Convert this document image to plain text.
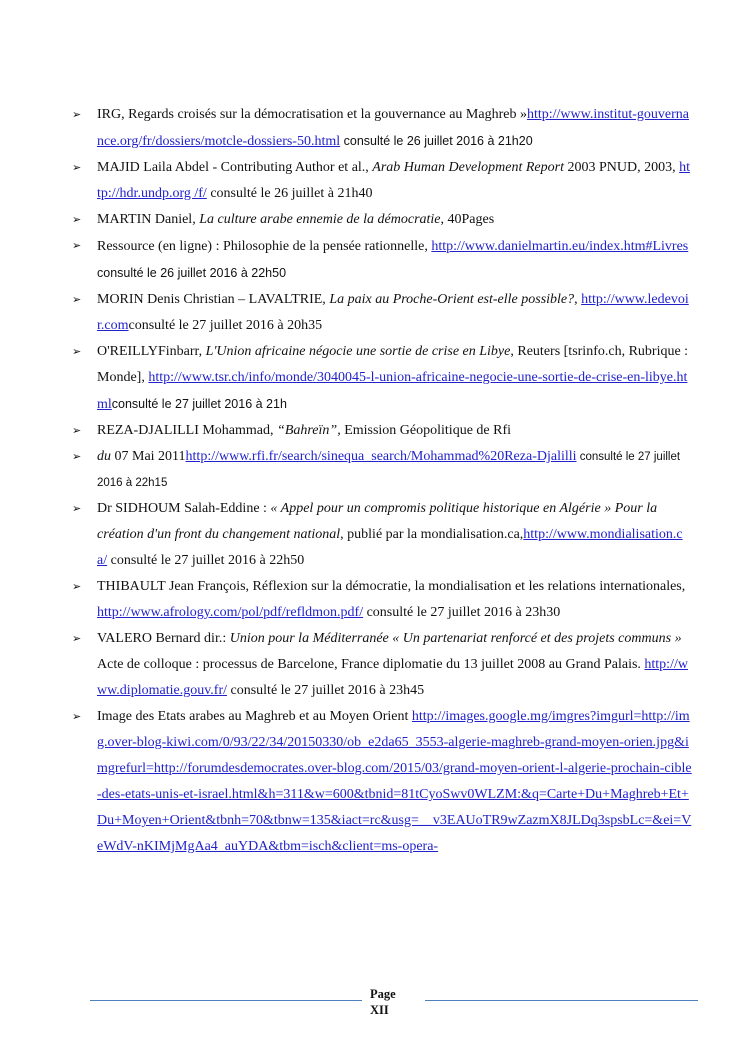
➢	IRG, Regards croisés sur la démocratisation et la gouvernance au Maghreb »http://www.institut-gouvernance.org/fr/dossiers/motcle-dossiers-50.html consulté le 26 juillet 2016 à 21h20
➢	MAJID Laila Abdel - Contributing Author et al., Arab Human Development Report 2003 PNUD, 2003, http://hdr.undp.org /f/ consulté le 26 juillet à 21h40
➢	MARTIN Daniel, La culture arabe ennemie de la démocratie, 40Pages
➢	Ressource (en ligne) : Philosophie de la pensée rationnelle, http://www.danielmartin.eu/index.htm#Livres consulté le 26 juillet 2016 à 22h50
➢	MORIN Denis Christian – LAVALTRIE, La paix au Proche-Orient est-elle possible?, http://www.ledevoir.comconsulté le 27 juillet 2016 à 20h35
➢	O'REILLYFinbarr, L'Union africaine négocie une sortie de crise en Libye, Reuters [tsrinfo.ch, Rubrique : Monde], http://www.tsr.ch/info/monde/3040045-l-union-africaine-negocie-une-sortie-de-crise-en-libye.htmlconsulté le 27 juillet 2016 à 21h
➢	REZA-DJALILLI Mohammad, “Bahreïn”, Emission Géopolitique de Rfi
➢	du 07 Mai 2011http://www.rfi.fr/search/sinequa_search/Mohammad%20Reza-Djalilli consulté le 27 juillet 2016 à 22h15
➢	Dr SIDHOUM Salah-Eddine : « Appel pour un compromis politique historique en Algérie » Pour la création d'un front du changement national, publié par la mondialisation.ca,http://www.mondialisation.ca/ consulté le 27 juillet 2016 à 22h50
➢	THIBAULT Jean François, Réflexion sur la démocratie, la mondialisation et les relations internationales, http://www.afrology.com/pol/pdf/refldmon.pdf/ consulté le 27 juillet 2016 à 23h30
➢	VALERO Bernard dir.: Union pour la Méditerranée « Un partenariat renforcé et des projets communs » Acte de colloque : processus de Barcelone, France diplomatie du 13 juillet 2008 au Grand Palais. http://www.diplomatie.gouv.fr/ consulté le 27 juillet 2016 à 23h45
➢	Image des Etats arabes au Maghreb et au Moyen Orient http://images.google.mg/imgres?imgurl=http://img.over-blog-kiwi.com/0/93/22/34/20150330/ob_e2da65_3553-algerie-maghreb-grand-moyen-orien.jpg&imgrefurl=http://forumdesdemocrates.over-blog.com/2015/03/grand-moyen-orient-l-algerie-prochain-cible-des-etats-unis-et-israel.html&h=311&w=600&tbnid=81tCyoSwv0WLZM:&q=Carte+Du+Maghreb+Et+Du+Moyen+Orient&tbnh=70&tbnw=135&iact=rc&usg=__v3EAUoTR9wZazmX8JLDq3spsbLc=&ei=VeWdV-nKIMjMgAa4_auYDA&tbm=isch&client=ms-opera-
Page
XII
